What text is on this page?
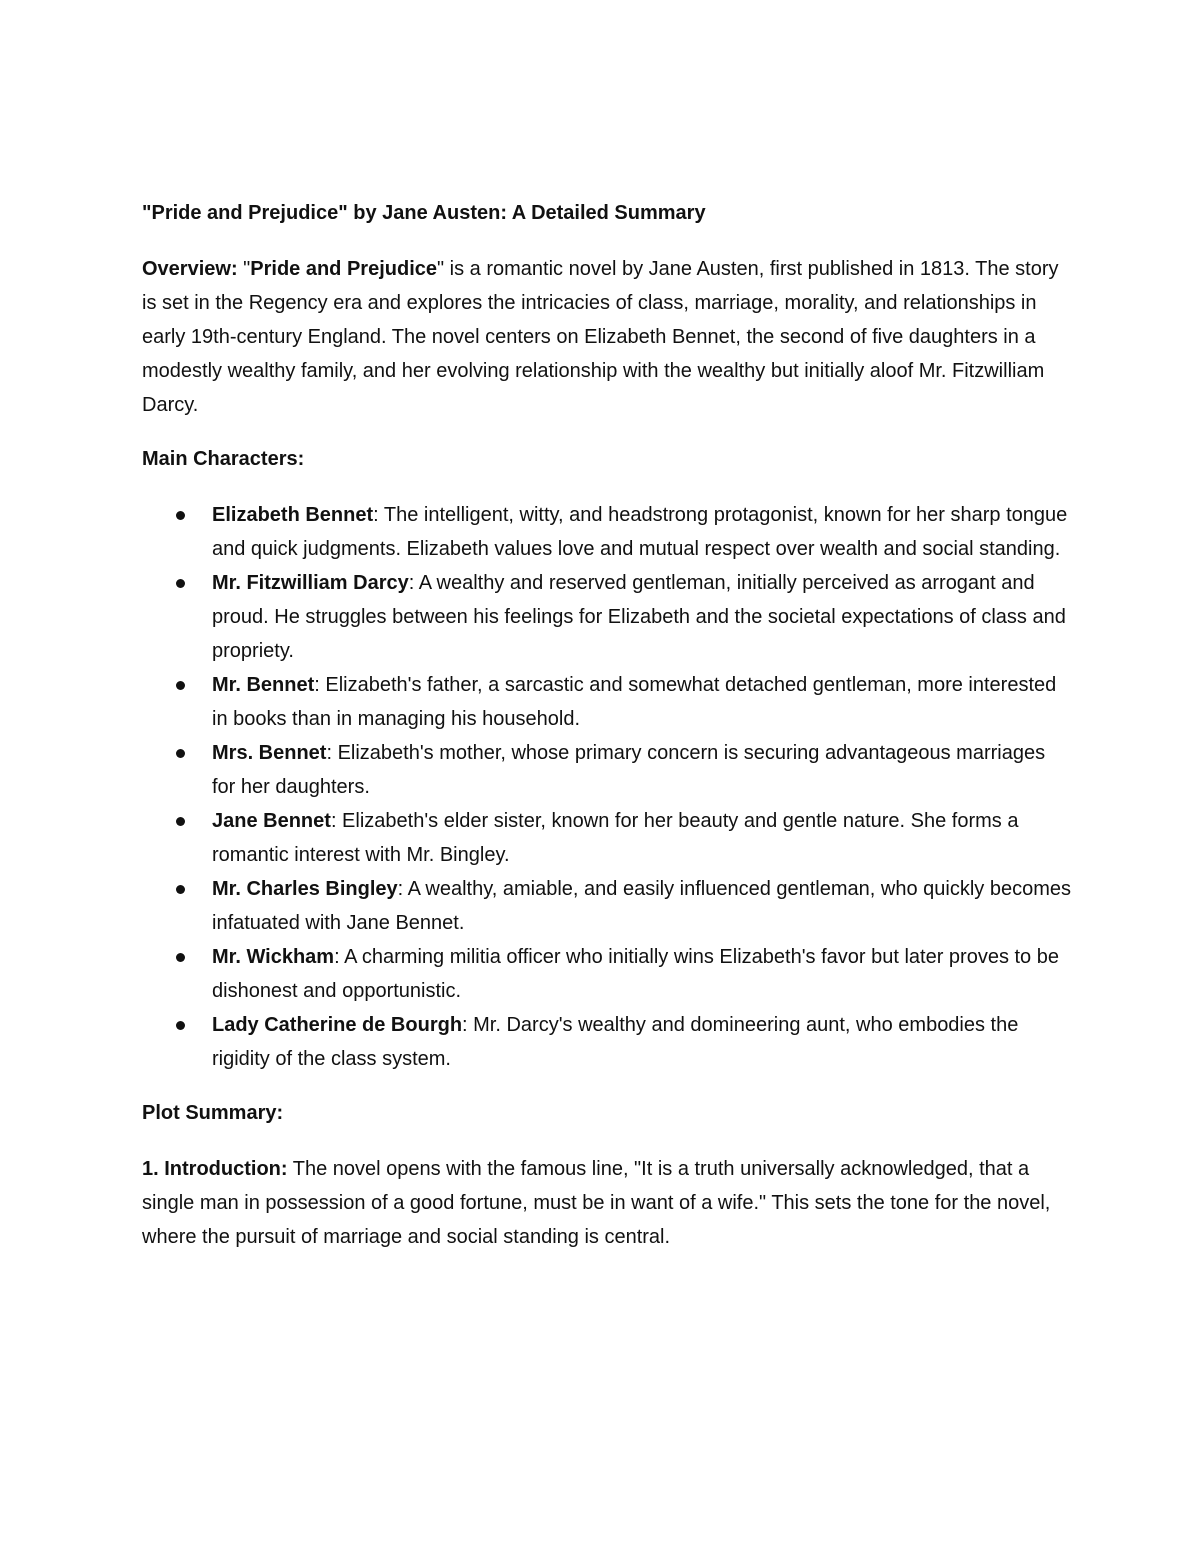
"Pride and Prejudice" by Jane Austen: A Detailed Summary

Overview: "Pride and Prejudice" is a romantic novel by Jane Austen, first published in 1813. The story is set in the Regency era and explores the intricacies of class, marriage, morality, and relationships in early 19th-century England. The novel centers on Elizabeth Bennet, the second of five daughters in a modestly wealthy family, and her evolving relationship with the wealthy but initially aloof Mr. Fitzwilliam Darcy.

Main Characters:
Elizabeth Bennet: The intelligent, witty, and headstrong protagonist, known for her sharp tongue and quick judgments. Elizabeth values love and mutual respect over wealth and social standing.
Mr. Fitzwilliam Darcy: A wealthy and reserved gentleman, initially perceived as arrogant and proud. He struggles between his feelings for Elizabeth and the societal expectations of class and propriety.
Mr. Bennet: Elizabeth's father, a sarcastic and somewhat detached gentleman, more interested in books than in managing his household.
Mrs. Bennet: Elizabeth's mother, whose primary concern is securing advantageous marriages for her daughters.
Jane Bennet: Elizabeth's elder sister, known for her beauty and gentle nature. She forms a romantic interest with Mr. Bingley.
Mr. Charles Bingley: A wealthy, amiable, and easily influenced gentleman, who quickly becomes infatuated with Jane Bennet.
Mr. Wickham: A charming militia officer who initially wins Elizabeth's favor but later proves to be dishonest and opportunistic.
Lady Catherine de Bourgh: Mr. Darcy's wealthy and domineering aunt, who embodies the rigidity of the class system.
Plot Summary:

1. Introduction: The novel opens with the famous line, "It is a truth universally acknowledged, that a single man in possession of a good fortune, must be in want of a wife." This sets the tone for the novel, where the pursuit of marriage and social standing is central.
